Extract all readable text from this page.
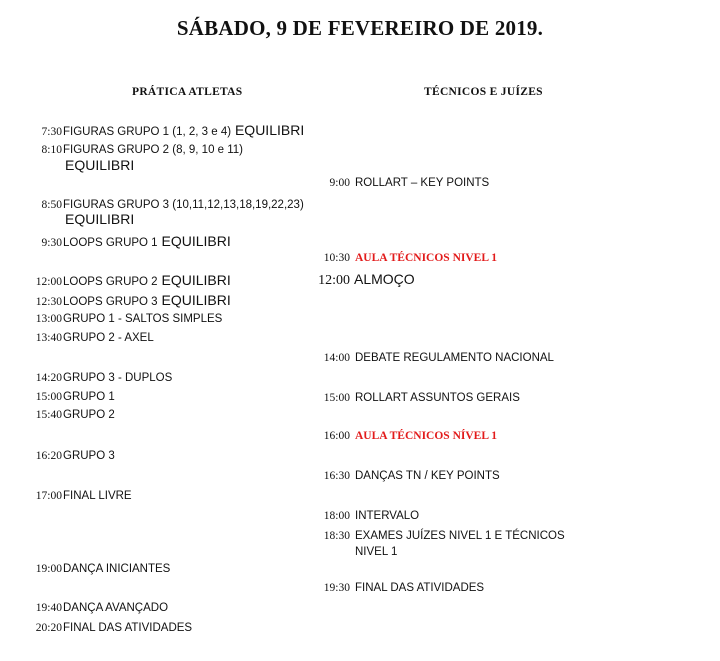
SÁBADO, 9 DE FEVEREIRO DE 2019.
PRÁTICA ATLETAS	TÉCNICOS E JUÍZES
7:30FIGURAS GRUPO 1 (1, 2, 3 e 4) EQUILIBRI
8:10FIGURAS GRUPO 2 (8, 9, 10 e 11)
EQUILIBRI
8:50FIGURAS GRUPO 3 (10,11,12,13,18,19,22,23)
EQUILIBRI
9:30LOOPS GRUPO 1 EQUILIBRI
12:00LOOPS GRUPO 2 EQUILIBRI
12:30LOOPS GRUPO 3 EQUILIBRI
13:00GRUPO 1 - SALTOS SIMPLES
13:40GRUPO 2 - AXEL
14:20GRUPO 3 - DUPLOS
15:00GRUPO 1
15:40GRUPO 2
16:20GRUPO 3
17:00FINAL LIVRE
19:00DANÇA INICIANTES
19:40DANÇA AVANÇADO
20:20FINAL DAS ATIVIDADES
9:00 ROLLART – KEY POINTS
10:30 AULA TÉCNICOS NIVEL 1
12:00 ALMOÇO
14:00 DEBATE REGULAMENTO NACIONAL
15:00 ROLLART ASSUNTOS GERAIS
16:00 AULA TÉCNICOS NÍVEL 1
16:30 DANÇAS TN / KEY POINTS
18:00 INTERVALO
18:30 EXAMES JUÍZES NIVEL 1 E TÉCNICOS
NIVEL 1
19:30 FINAL DAS ATIVIDADES
